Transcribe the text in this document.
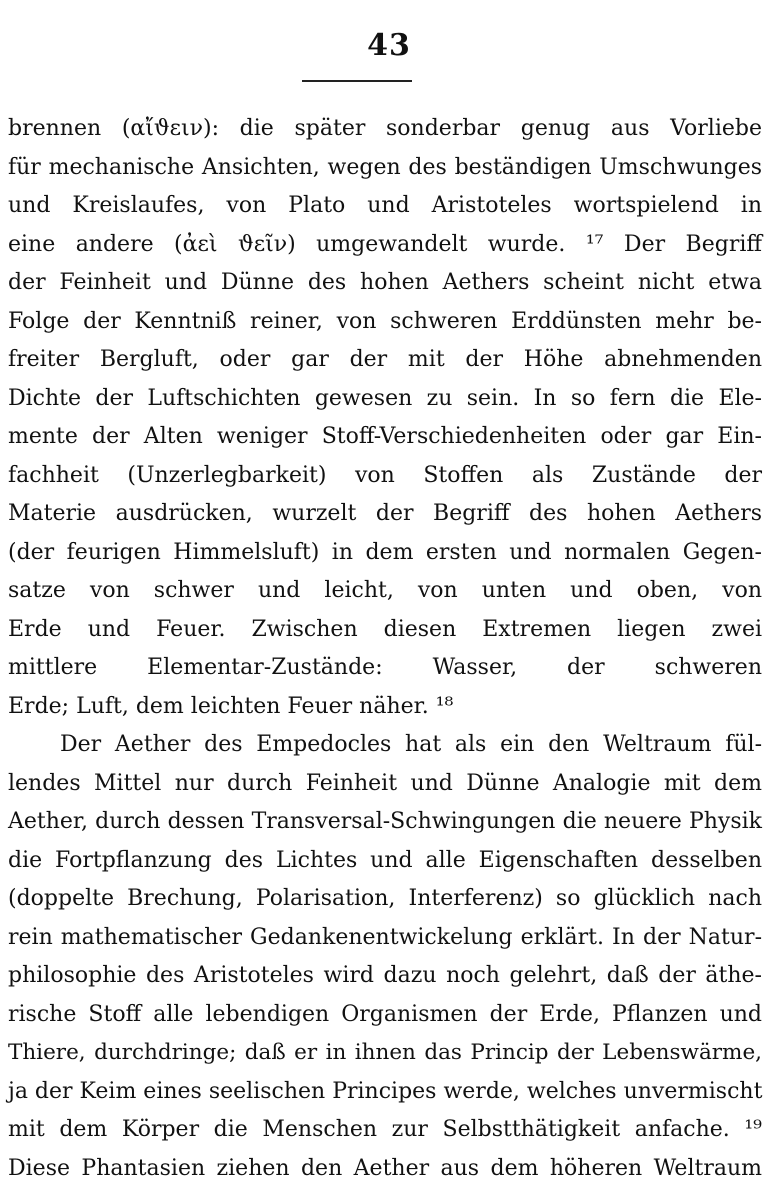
43
brennen (αἴϑειν): die später sonderbar genug aus Vorliebe
für mechanische Ansichten, wegen des beständigen Umschwunges
und Kreislaufes, von Plato und Aristoteles wortspielend in
eine andere (ἀεὶ ϑεῖν) umgewandelt wurde. ¹⁷ Der Begriff
der Feinheit und Dünne des hohen Aethers scheint nicht etwa
Folge der Kenntniß reiner, von schweren Erddünsten mehr be-
freiter Bergluft, oder gar der mit der Höhe abnehmenden
Dichte der Luftschichten gewesen zu sein. In so fern die Ele-
mente der Alten weniger Stoff-Verschiedenheiten oder gar Ein-
fachheit (Unzerlegbarkeit) von Stoffen als Zustände der
Materie ausdrücken, wurzelt der Begriff des hohen Aethers
(der feurigen Himmelsluft) in dem ersten und normalen Gegen-
satze von schwer und leicht, von unten und oben, von
Erde und Feuer. Zwischen diesen Extremen liegen zwei
mittlere Elementar-Zustände: Wasser, der schweren
Erde; Luft, dem leichten Feuer näher. ¹⁸
Der Aether des Empedocles hat als ein den Weltraum fül-
lendes Mittel nur durch Feinheit und Dünne Analogie mit dem
Aether, durch dessen Transversal-Schwingungen die neuere Physik
die Fortpflanzung des Lichtes und alle Eigenschaften desselben
(doppelte Brechung, Polarisation, Interferenz) so glücklich nach
rein mathematischer Gedankenentwickelung erklärt. In der Natur-
philosophie des Aristoteles wird dazu noch gelehrt, daß der äthe-
rische Stoff alle lebendigen Organismen der Erde, Pflanzen und
Thiere, durchdringe; daß er in ihnen das Princip der Lebenswärme,
ja der Keim eines seelischen Principes werde, welches unvermischt
mit dem Körper die Menschen zur Selbstthätigkeit anfache. ¹⁹
Diese Phantasien ziehen den Aether aus dem höheren Weltraum
